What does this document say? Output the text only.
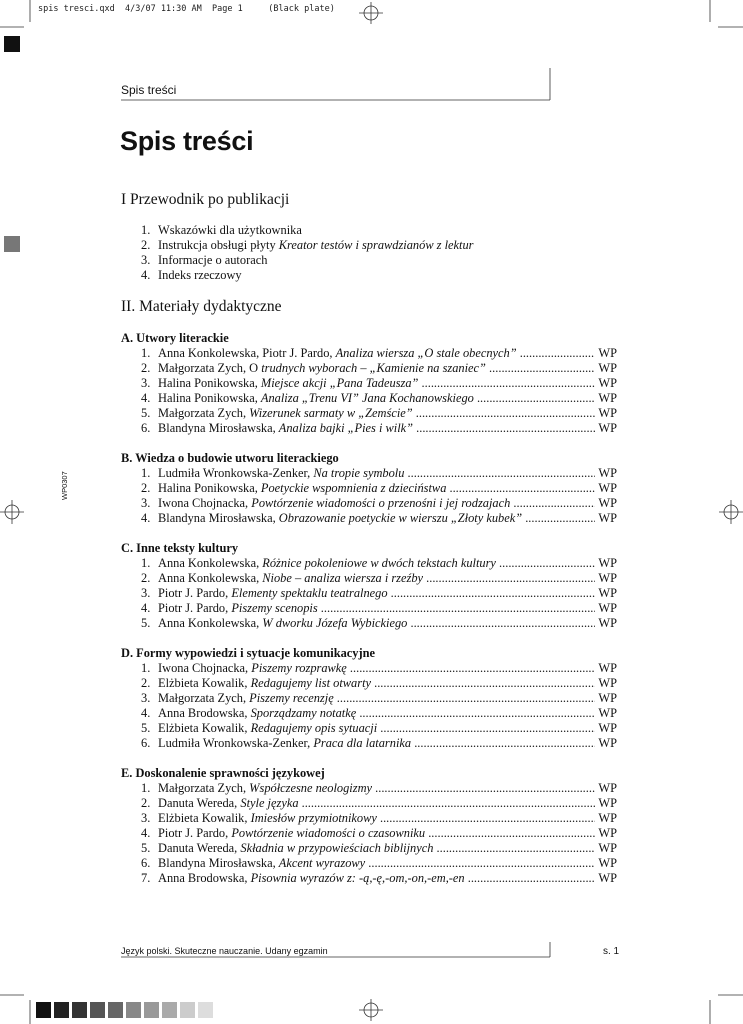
spis tresci.qxd  4/3/07 11:30 AM  Page 1     (Black plate)
WP0307
Spis treści
Spis treści
I Przewodnik po publikacji
1. Wskazówki dla użytkownika
2. Instrukcja obsługi płyty Kreator testów i sprawdzianów z lektur
3. Informacje o autorach
4. Indeks rzeczowy
II. Materiały dydaktyczne
A. Utwory literackie
1. Anna Konkolewska, Piotr J. Pardo, Analiza wiersza „O stale obecnych” .....	WP
2. Małgorzata Zych, O trudnych wyborach – „Kamienie na szaniec” .....	WP
3. Halina Ponikowska, Miejsce akcji „Pana Tadeusza” .....	WP
4. Halina Ponikowska, Analiza „Trenu VI” Jana Kochanowskiego .....	WP
5. Małgorzata Zych, Wizerunek sarmaty w „Zemście” .....	WP
6. Blandyna Mirosławska, Analiza bajki „Pies i wilk” .....	WP
B. Wiedza o budowie utworu literackiego
1. Ludmiła Wronkowska-Zenker, Na tropie symbolu .....	WP
2. Halina Ponikowska, Poetyckie wspomnienia z dzieciństwa .....	WP
3. Iwona Chojnacka, Powtórzenie wiadomości o przenośni i jej rodzajach .....	WP
4. Blandyna Mirosławska, Obrazowanie poetyckie w wierszu „Złoty kubek” .....	WP
C. Inne teksty kultury
1. Anna Konkolewska, Różnice pokoleniowe w dwóch tekstach kultury .....	WP
2. Anna Konkolewska, Niobe – analiza wiersza i rzeźby .....	WP
3. Piotr J. Pardo, Elementy spektaklu teatralnego .....	WP
4. Piotr J. Pardo, Piszemy scenopis .....	WP
5. Anna Konkolewska, W dworku Józefa Wybickiego .....	WP
D. Formy wypowiedzi i sytuacje komunikacyjne
1. Iwona Chojnacka, Piszemy rozprawkę .....	WP
2. Elżbieta Kowalik, Redagujemy list otwarty .....	WP
3. Małgorzata Zych, Piszemy recenzję .....	WP
4. Anna Brodowska, Sporządzamy notatkę .....	WP
5. Elżbieta Kowalik, Redagujemy opis sytuacji .....	WP
6. Ludmiła Wronkowska-Zenker, Praca dla latarnika .....	WP
E. Doskonalenie sprawności językowej
1. Małgorzata Zych, Współczesne neologizmy .....	WP
2. Danuta Wereda, Style języka .....	WP
3. Elżbieta Kowalik, Imiesłów przymiotnikowy .....	WP
4. Piotr J. Pardo, Powtórzenie wiadomości o czasowniku .....	WP
5. Danuta Wereda, Składnia w przypowieściach biblijnych .....	WP
6. Blandyna Mirosławska, Akcent wyrazowy .....	WP
7. Anna Brodowska, Pisownia wyrazów z: -ą,-ę,-om,-on,-em,-en .....	WP
Język polski. Skuteczne nauczanie. Udany egzamin	s. 1
